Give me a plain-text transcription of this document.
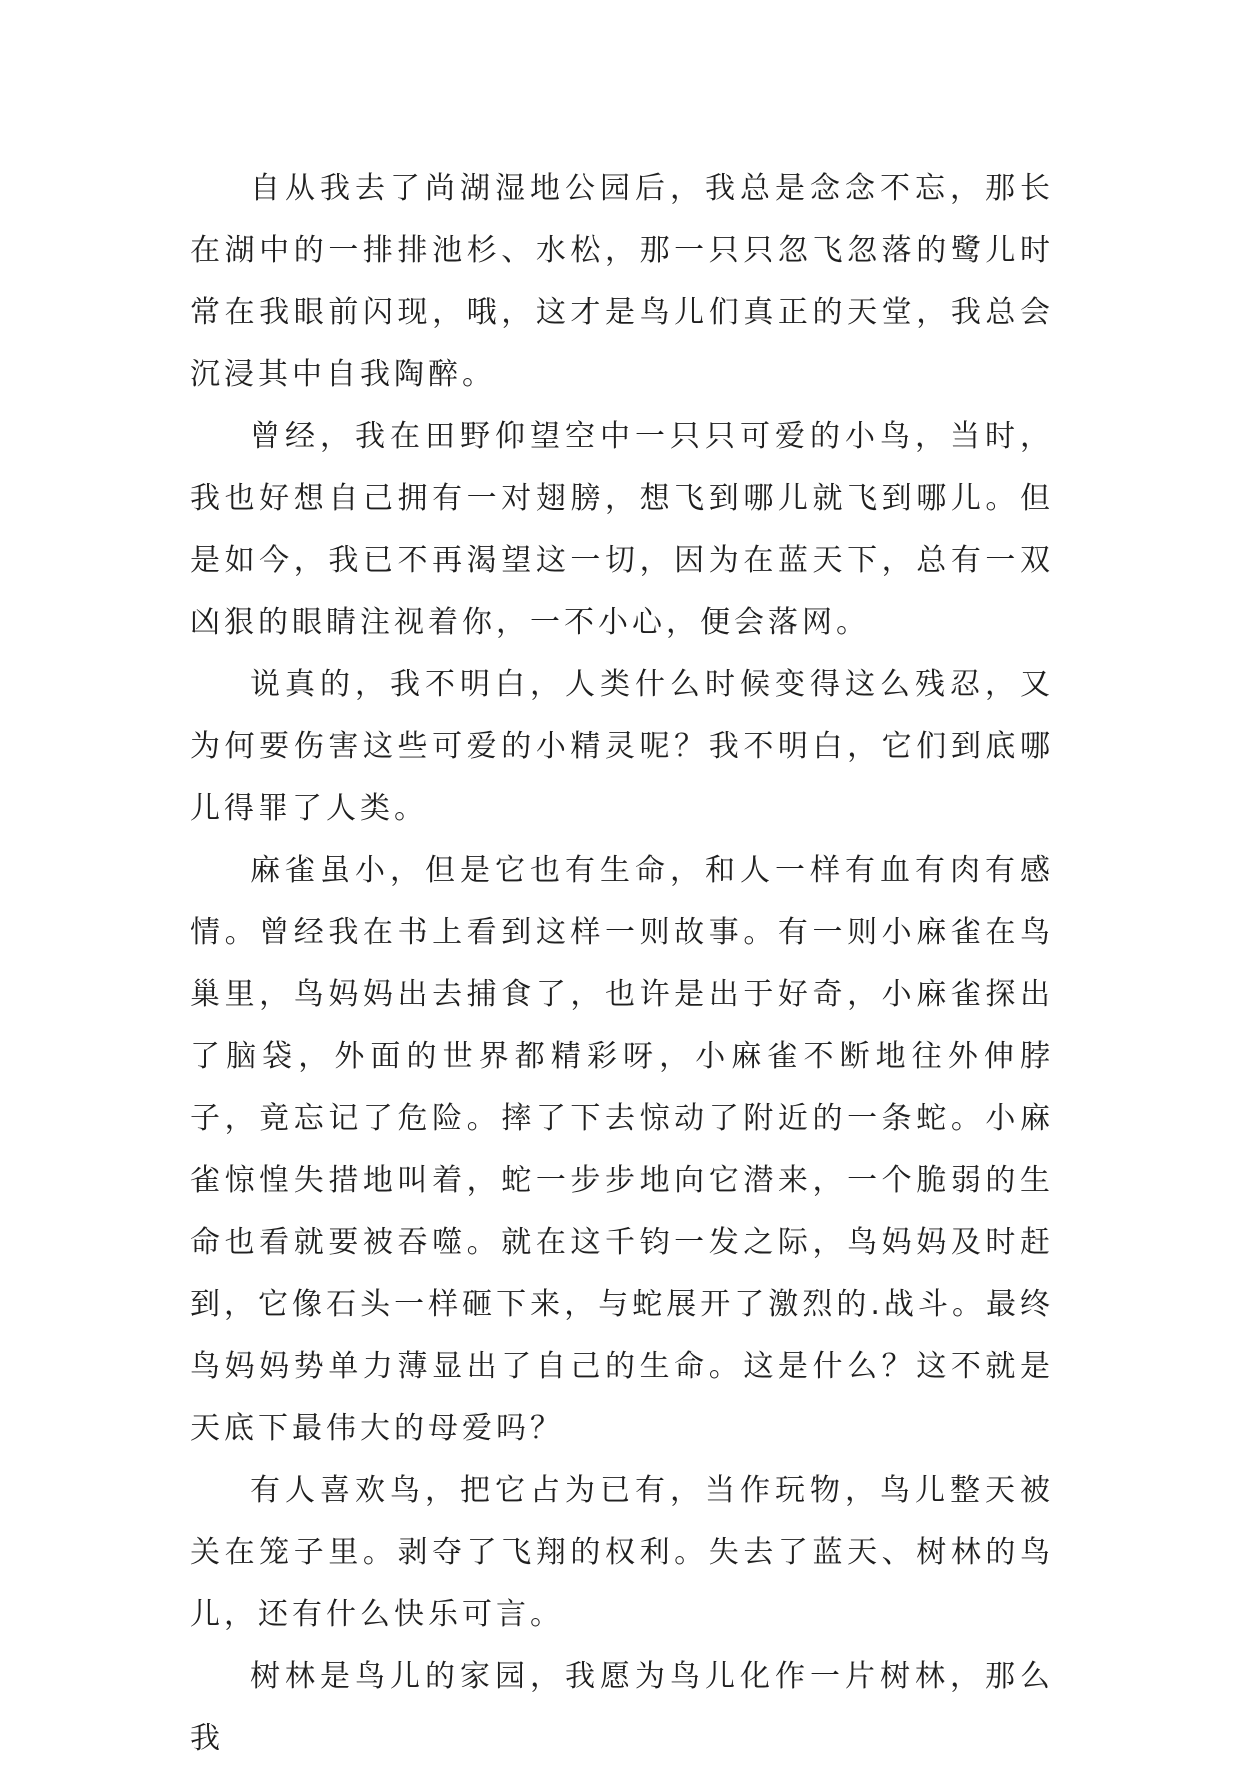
自从我去了尚湖湿地公园后，我总是念念不忘，那长在湖中的一排排池杉、水松，那一只只忽飞忽落的鹭儿时常在我眼前闪现，哦，这才是鸟儿们真正的天堂，我总会沉浸其中自我陶醉。

曾经，我在田野仰望空中一只只可爱的小鸟，当时，我也好想自己拥有一对翅膀，想飞到哪儿就飞到哪儿。但是如今，我已不再渴望这一切，因为在蓝天下，总有一双凶狠的眼睛注视着你，一不小心，便会落网。

说真的，我不明白，人类什么时候变得这么残忍，又为何要伤害这些可爱的小精灵呢？我不明白，它们到底哪儿得罪了人类。

麻雀虽小，但是它也有生命，和人一样有血有肉有感情。曾经我在书上看到这样一则故事。有一则小麻雀在鸟巢里，鸟妈妈出去捕食了，也许是出于好奇，小麻雀探出了脑袋，外面的世界都精彩呀，小麻雀不断地往外伸脖子，竟忘记了危险。摔了下去惊动了附近的一条蛇。小麻雀惊惶失措地叫着，蛇一步步地向它潜来，一个脆弱的生命也看就要被吞噬。就在这千钧一发之际，鸟妈妈及时赶到，它像石头一样砸下来，与蛇展开了激烈的.战斗。最终鸟妈妈势单力薄显出了自己的生命。这是什么？这不就是天底下最伟大的母爱吗？

有人喜欢鸟，把它占为已有，当作玩物，鸟儿整天被关在笼子里。剥夺了飞翔的权利。失去了蓝天、树林的鸟儿，还有什么快乐可言。

树林是鸟儿的家园，我愿为鸟儿化作一片树林，那么我
